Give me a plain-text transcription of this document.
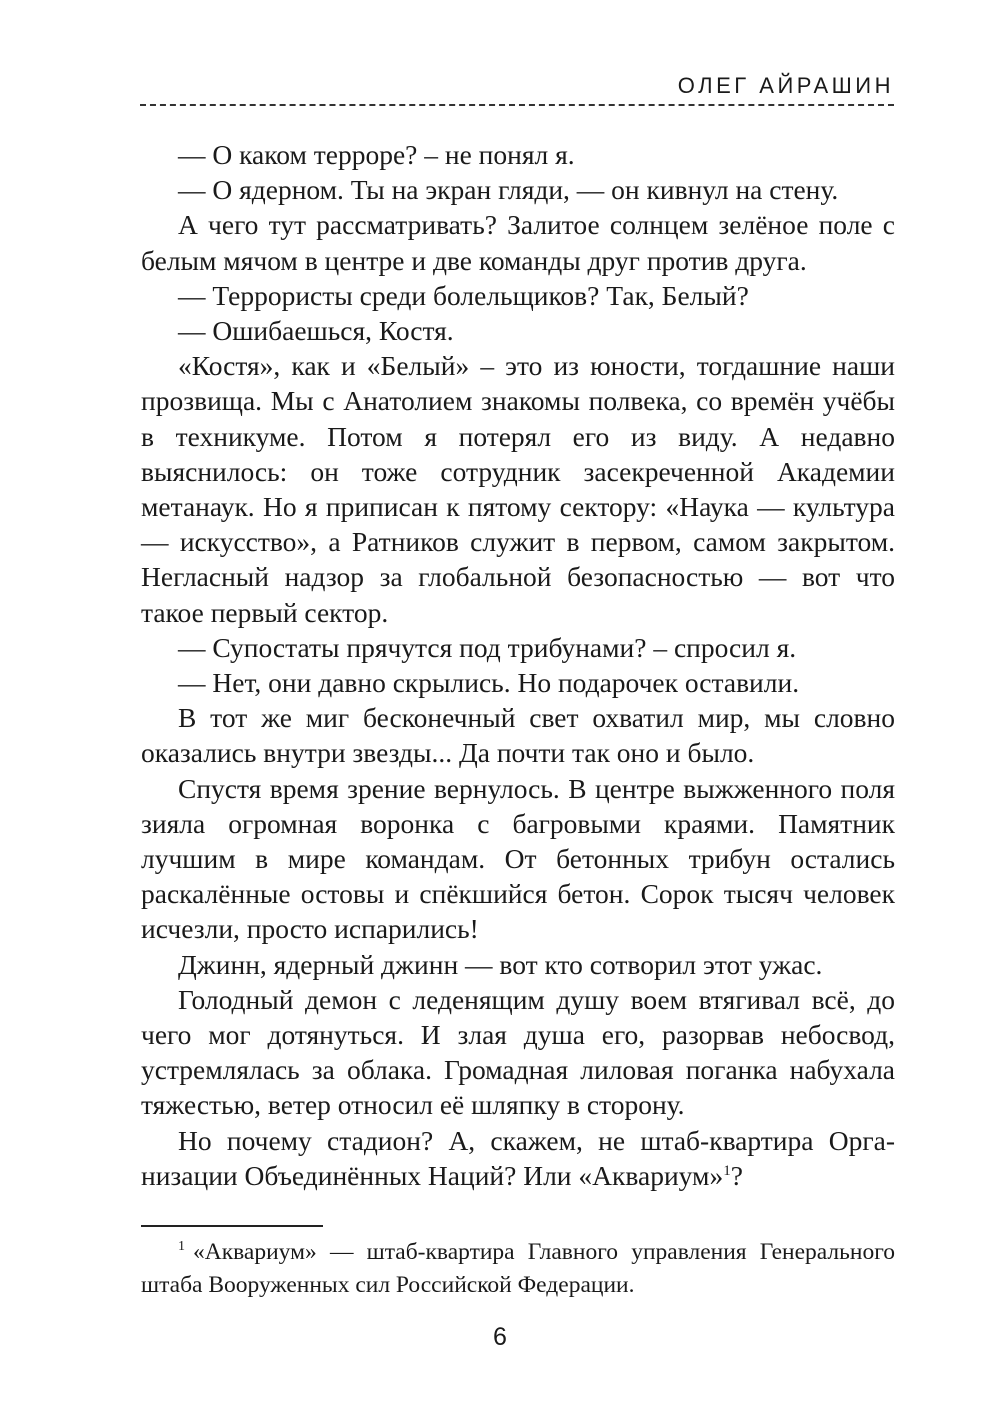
ОЛЕГ АЙРАШИН

— О каком терроре? – не понял я.

— О ядерном. Ты на экран гляди, — он кивнул на стену.

А чего тут рассматривать? Залитое солнцем зелёное поле с белым мячом в центре и две команды друг против друга.

— Террористы среди болельщиков? Так, Белый?

— Ошибаешься, Костя.

«Костя», как и «Белый» – это из юности, тогдашние наши прозвища. Мы с Анатолием знакомы полвека, со времён учёбы в техникуме. Потом я потерял его из виду. А недавно выяснилось: он тоже сотрудник засекреченной Академии метанаук. Но я приписан к пятому сектору: «Наука — культура — искусство», а Ратников служит в первом, самом закрытом. Негласный надзор за глобальной безопасностью — вот что такое первый сектор.

— Супостаты прячутся под трибунами? – спросил я.

— Нет, они давно скрылись. Но подарочек оставили.

В тот же миг бесконечный свет охватил мир, мы словно оказались внутри звезды... Да почти так оно и было.

Спустя время зрение вернулось. В центре выжженного поля зияла огромная воронка с багровыми краями. Памятник лучшим в мире командам. От бетонных трибун остались раскалённые остовы и спёкшийся бетон. Сорок тысяч человек исчезли, просто испарились!

Джинн, ядерный джинн — вот кто сотворил этот ужас.

Голодный демон с леденящим душу воем втягивал всё, до чего мог дотянуться. И злая душа его, разорвав небосвод, устремлялась за облака. Громадная лиловая поганка набухала тяжестью, ветер относил её шляпку в сторону.

Но почему стадион? А, скажем, не штаб-квартира Организации Объединённых Наций? Или «Аквариум»$^1$?

$^1$ «Аквариум» — штаб-квартира Главного управления Генерального штаба Вооруженных сил Российской Федерации.

6
